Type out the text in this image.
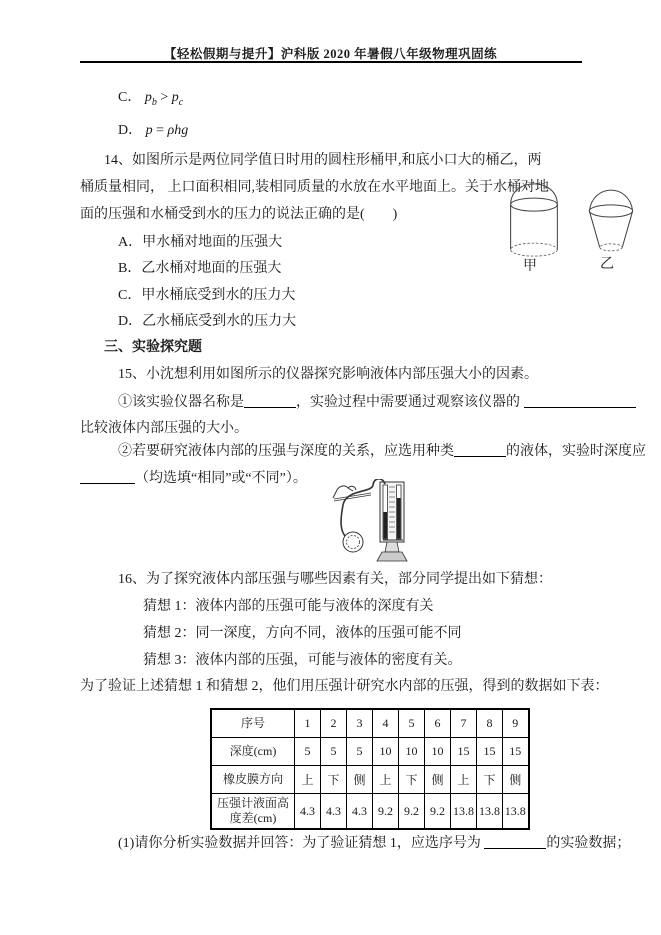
【轻松假期与提升】沪科版 2020 年暑假八年级物理巩固练
C． $p_b > p_c$
D． p = ρhg
14、如图所示是两位同学值日时用的圆柱形桶甲,和底小口大的桶乙，两
桶质量相同， 上口面积相同,装相同质量的水放在水平地面上。关于水桶对地
面的压强和水桶受到水的压力的说法正确的是(　　)
A．甲水桶对地面的压强大
B．乙水桶对地面的压强大
C．甲水桶底受到水的压力大
D．乙水桶底受到水的压力大
甲	乙
三、实验探究题
15、小沈想利用如图所示的仪器探究影响液体内部压强大小的因素。
①该实验仪器名称是	，实验过程中需要通过观察该仪器的
比较液体内部压强的大小。
②若要研究液体内部的压强与深度的关系，应选用种类	的液体，实验时深度应
（均选填“相同”或“不同”）。
16、为了探究液体内部压强与哪些因素有关，部分同学提出如下猜想：
猜想 1：液体内部的压强可能与液体的深度有关
猜想 2：同一深度，方向不同，液体的压强可能不同
猜想 3：液体内部的压强，可能与液体的密度有关。
为了验证上述猜想 1 和猜想 2，他们用压强计研究水内部的压强，得到的数据如下表：
序号	1	2	3	4	5	6	7	8	9
深度(cm)	5	5	5	10	10	10	15	15	15
橡皮膜方向	上	下	侧	上	下	侧	上	下	侧
压强计液面高度差(cm)	4.3	4.3	4.3	9.2	9.2	9.2	13.8	13.8	13.8
(1)请你分析实验数据并回答：为了验证猜想 1，应选序号为	的实验数据；
